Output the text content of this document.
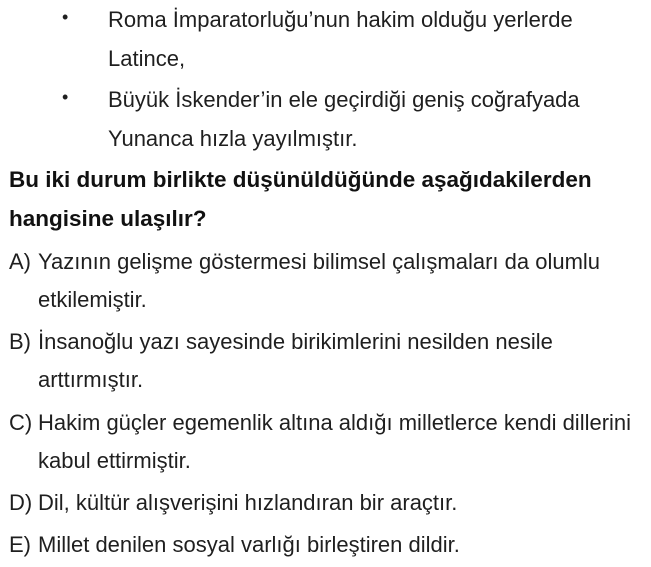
• Roma İmparatorluğu’nun hakim olduğu yerlerde Latince,
• Büyük İskender’in ele geçirdiği geniş coğrafyada Yunanca hızla yayılmıştır.
Bu iki durum birlikte düşünüldüğünde aşağıdakilerden hangisine ulaşılır?
A) Yazının gelişme göstermesi bilimsel çalışmaları da olumlu etkilemiştir.
B) İnsanoğlu yazı sayesinde birikimlerini nesilden nesile arttırmıştır.
C) Hakim güçler egemenlik altına aldığı milletlerce kendi dillerini kabul ettirmiştir.
D) Dil, kültür alışverişini hızlandıran bir araçtır.
E) Millet denilen sosyal varlığı birleştiren dildir.
